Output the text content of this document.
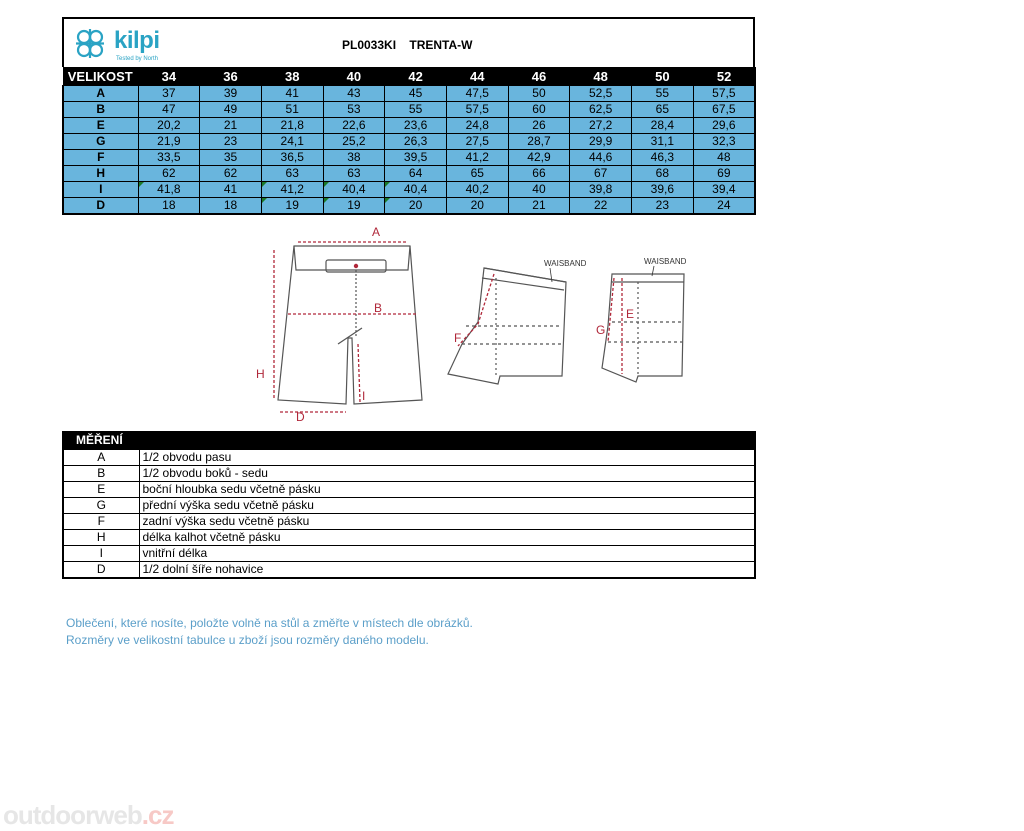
kilpi
Tested by North
PL0033KI TRENTA-W
VELIKOST	34	36	38	40	42	44	46	48	50	52
A	37	39	41	43	45	47,5	50	52,5	55	57,5
B	47	49	51	53	55	57,5	60	62,5	65	67,5
E	20,2	21	21,8	22,6	23,6	24,8	26	27,2	28,4	29,6
G	21,9	23	24,1	25,2	26,3	27,5	28,7	29,9	31,1	32,3
F	33,5	35	36,5	38	39,5	41,2	42,9	44,6	46,3	48
H	62	62	63	63	64	65	66	67	68	69
I	41,8	41	41,2	40,4	40,4	40,2	40	39,8	39,6	39,4
D	18	18	19	19	20	20	21	22	23	24
A
B
H
I
D
F
E
G
WAISBAND	WAISBAND
MĚŘENÍ
A	1/2 obvodu pasu
B	1/2 obvodu boků - sedu
E	boční hloubka sedu včetně pásku
G	přední výška sedu včetně pásku
F	zadní výška sedu včetně pásku
H	délka kalhot včetně pásku
I	vnitřní délka
D	1/2 dolní šíře nohavice
Oblečení, které nosíte, položte volně na stůl a změřte v místech dle obrázků.
Rozměry ve velikostní tabulce u zboží jsou rozměry daného modelu.
outdoorweb.cz
